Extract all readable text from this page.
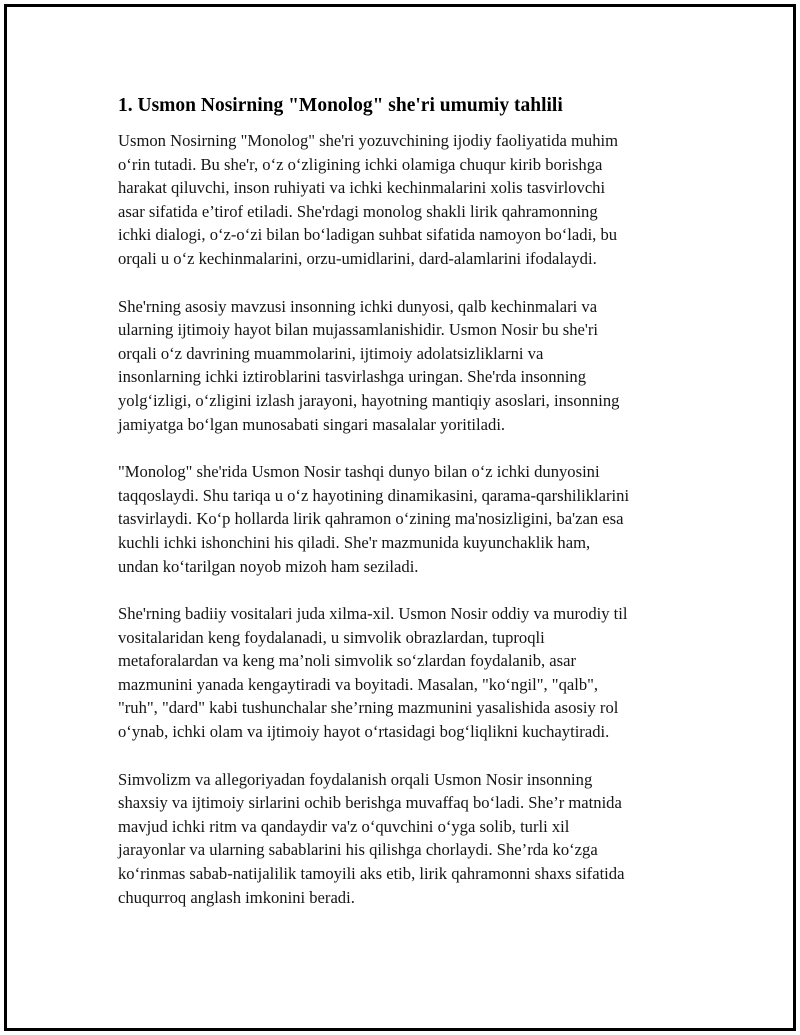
1. Usmon Nosirning "Monolog" she'ri umumiy tahlili

Usmon Nosirning "Monolog" she'ri yozuvchining ijodiy faoliyatida muhim
o‘rin tutadi. Bu she'r, o‘z o‘zligining ichki olamiga chuqur kirib borishga
harakat qiluvchi, inson ruhiyati va ichki kechinmalarini xolis tasvirlovchi
asar sifatida e’tirof etiladi. She'rdagi monolog shakli lirik qahramonning
ichki dialogi, o‘z-o‘zi bilan bo‘ladigan suhbat sifatida namoyon bo‘ladi, bu
orqali u o‘z kechinmalarini, orzu-umidlarini, dard-alamlarini ifodalaydi.

She'rning asosiy mavzusi insonning ichki dunyosi, qalb kechinmalari va
ularning ijtimoiy hayot bilan mujassamlanishidir. Usmon Nosir bu she'ri
orqali o‘z davrining muammolarini, ijtimoiy adolatsizliklarni va
insonlarning ichki iztiroblarini tasvirlashga uringan. She'rda insonning
yolg‘izligi, o‘zligini izlash jarayoni, hayotning mantiqiy asoslari, insonning
jamiyatga bo‘lgan munosabati singari masalalar yoritiladi.

"Monolog" she'rida Usmon Nosir tashqi dunyo bilan o‘z ichki dunyosini
taqqoslaydi. Shu tariqa u o‘z hayotining dinamikasini, qarama-qarshiliklarini
tasvirlaydi. Ko‘p hollarda lirik qahramon o‘zining ma'nosizligini, ba'zan esa
kuchli ichki ishonchini his qiladi. She'r mazmunida kuyunchaklik ham,
undan ko‘tarilgan noyob mizoh ham seziladi.

She'rning badiiy vositalari juda xilma-xil. Usmon Nosir oddiy va murodiy til
vositalaridan keng foydalanadi, u simvolik obrazlardan, tuproqli
metaforalardan va keng ma’noli simvolik so‘zlardan foydalanib, asar
mazmunini yanada kengaytiradi va boyitadi. Masalan, "ko‘ngil", "qalb",
"ruh", "dard" kabi tushunchalar she’rning mazmunini yasalishida asosiy rol
o‘ynab, ichki olam va ijtimoiy hayot o‘rtasidagi bog‘liqlikni kuchaytiradi.

Simvolizm va allegoriyadan foydalanish orqali Usmon Nosir insonning
shaxsiy va ijtimoiy sirlarini ochib berishga muvaffaq bo‘ladi. She’r matnida
mavjud ichki ritm va qandaydir va'z o‘quvchini o‘yga solib, turli xil
jarayonlar va ularning sabablarini his qilishga chorlaydi. She’rda ko‘zga
ko‘rinmas sabab-natijalilik tamoyili aks etib, lirik qahramonni shaxs sifatida
chuqurroq anglash imkonini beradi.
